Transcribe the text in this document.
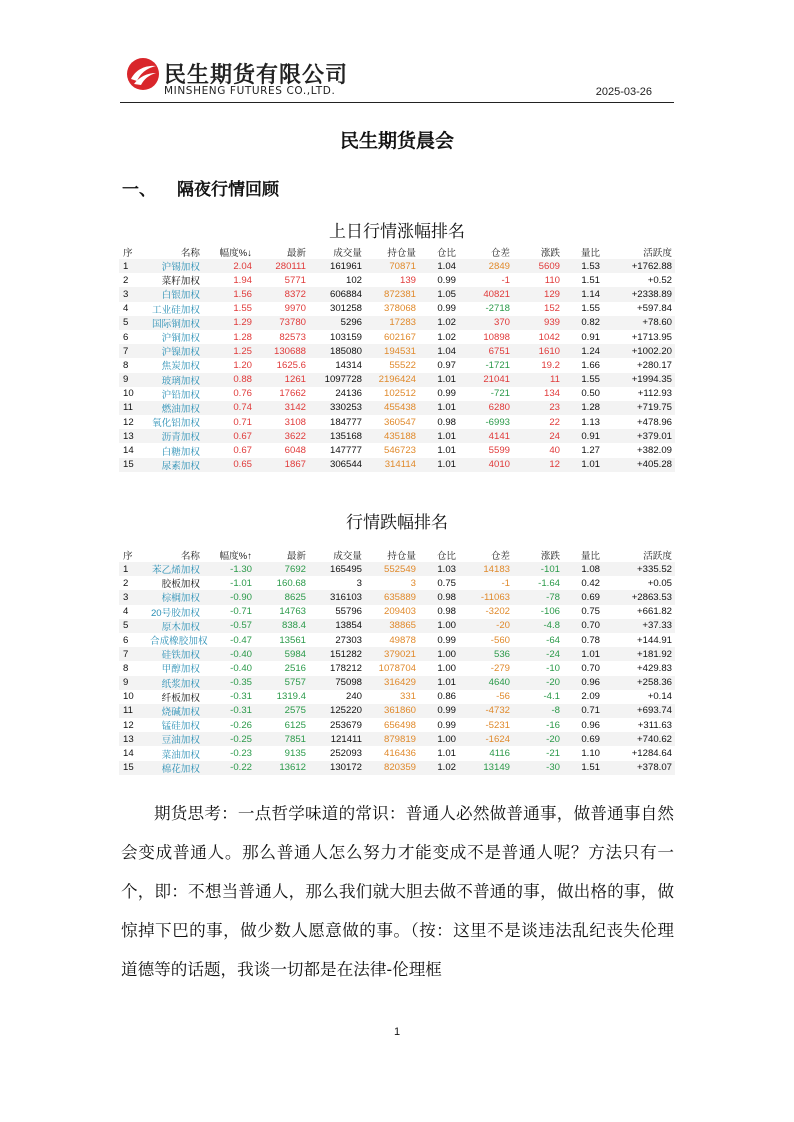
民生期货有限公司
MINSHENG FUTURES CO.,LTD.	2025-03-26
民生期货晨会
一、 隔夜行情回顾
上日行情涨幅排名
序	名称	幅度%↓	最新	成交量	持仓量	仓比	仓差	涨跌	量比	活跃度
1	沪锡加权	2.04	280111	161961	70871	1.04	2849	5609	1.53	+1762.88
2	菜籽加权	1.94	5771	102	139	0.99	-1	110	1.51	+0.52
3	白银加权	1.56	8372	606884	872381	1.05	40821	129	1.14	+2338.89
4	工业硅加权	1.55	9970	301258	378068	0.99	-2718	152	1.55	+597.84
5	国际铜加权	1.29	73780	5296	17283	1.02	370	939	0.82	+78.60
6	沪铜加权	1.28	82573	103159	602167	1.02	10898	1042	0.91	+1713.95
7	沪镍加权	1.25	130688	185080	194531	1.04	6751	1610	1.24	+1002.20
8	焦炭加权	1.20	1625.6	14314	55522	0.97	-1721	19.2	1.66	+280.17
9	玻璃加权	0.88	1261	1097728	2196424	1.01	21041	11	1.55	+1994.35
10	沪铅加权	0.76	17662	24136	102512	0.99	-721	134	0.50	+112.93
11	燃油加权	0.74	3142	330253	455438	1.01	6280	23	1.28	+719.75
12	氧化铝加权	0.71	3108	184777	360547	0.98	-6993	22	1.13	+478.96
13	沥青加权	0.67	3622	135168	435188	1.01	4141	24	0.91	+379.01
14	白糖加权	0.67	6048	147777	546723	1.01	5599	40	1.27	+382.09
15	尿素加权	0.65	1867	306544	314114	1.01	4010	12	1.01	+405.28
行情跌幅排名
序	名称	幅度%↑	最新	成交量	持仓量	仓比	仓差	涨跌	量比	活跃度
1	苯乙烯加权	-1.30	7692	165495	552549	1.03	14183	-101	1.08	+335.52
2	胶板加权	-1.01	160.68	3	3	0.75	-1	-1.64	0.42	+0.05
3	棕榈加权	-0.90	8625	316103	635889	0.98	-11063	-78	0.69	+2863.53
4	20号胶加权	-0.71	14763	55796	209403	0.98	-3202	-106	0.75	+661.82
5	原木加权	-0.57	838.4	13854	38865	1.00	-20	-4.8	0.70	+37.33
6	合成橡胶加权	-0.47	13561	27303	49878	0.99	-560	-64	0.78	+144.91
7	硅铁加权	-0.40	5984	151282	379021	1.00	536	-24	1.01	+181.92
8	甲醇加权	-0.40	2516	178212	1078704	1.00	-279	-10	0.70	+429.83
9	纸浆加权	-0.35	5757	75098	316429	1.01	4640	-20	0.96	+258.36
10	纤板加权	-0.31	1319.4	240	331	0.86	-56	-4.1	2.09	+0.14
11	烧碱加权	-0.31	2575	125220	361860	0.99	-4732	-8	0.71	+693.74
12	锰硅加权	-0.26	6125	253679	656498	0.99	-5231	-16	0.96	+311.63
13	豆油加权	-0.25	7851	121411	879819	1.00	-1624	-20	0.69	+740.62
14	菜油加权	-0.23	9135	252093	416436	1.01	4116	-21	1.10	+1284.64
15	棉花加权	-0.22	13612	130172	820359	1.02	13149	-30	1.51	+378.07
期货思考：一点哲学味道的常识：普通人必然做普通事，做普通事自然会变成普通人。那么普通人怎么努力才能变成不是普通人呢？方法只有一个，即：不想当普通人，那么我们就大胆去做不普通的事，做出格的事，做惊掉下巴的事，做少数人愿意做的事。（按：这里不是谈违法乱纪丧失伦理道德等的话题，我谈一切都是在法律-伦理框
1
